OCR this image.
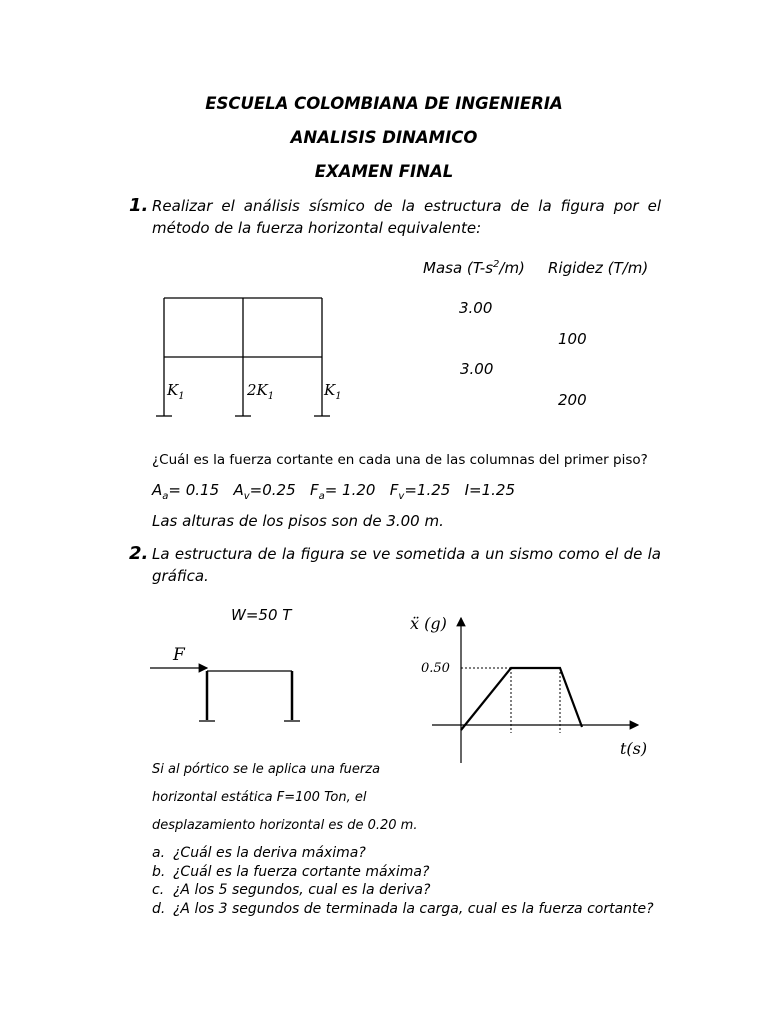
ESCUELA COLOMBIANA DE INGENIERIA
ANALISIS DINAMICO
EXAMEN FINAL
1. Realizar el análisis sísmico de la estructura de la figura por el método de la fuerza horizontal equivalente:
Masa $(T-s^2/m)$ Rigidez (T/m)
3.00
100
3.00
200
$K_1$	$2K_1$	$K_1$
¿Cuál es la fuerza cortante en cada una de las columnas del primer piso?
$A_a= 0.15$ $A_v=0.25$ $F_a= 1.20$ $F_v=1.25$ I=1.25
Las alturas de los pisos son de 3.00 m.
2. La estructura de la figura se ve sometida a un sismo como el de la gráfica.
W=50 T
F
ẍ (g)
0.50
t(s)
Si al pórtico se le aplica una fuerza
horizontal estática F=100 Ton, el
desplazamiento horizontal es de 0.20 m.
a. ¿Cuál es la deriva máxima?
b. ¿Cuál es la fuerza cortante máxima?
c. ¿A los 5 segundos, cual es la deriva?
d. ¿A los 3 segundos de terminada la carga, cual es la fuerza cortante?
